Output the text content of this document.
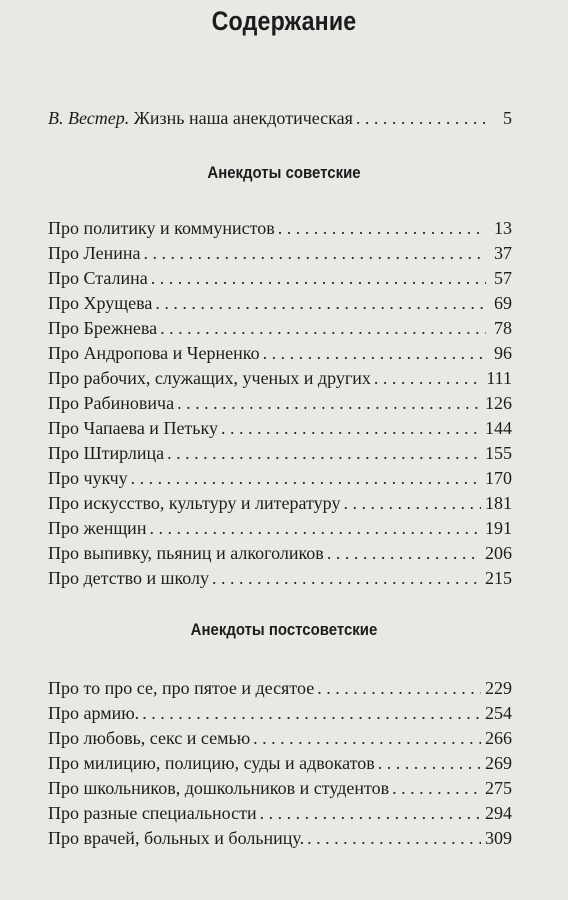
Содержание
В. Вестер. Жизнь наша анекдотическая . . .	5
Анекдоты советские
Про политику и коммунистов . . .	13
Про Ленина . . .	37
Про Сталина . . .	57
Про Хрущева . . .	69
Про Брежнева . . .	78
Про Андропова и Черненко . . .	96
Про рабочих, служащих, ученых и других . . .	111
Про Рабиновича . . .	126
Про Чапаева и Петьку . . .	144
Про Штирлица . . .	155
Про чукчу . . .	170
Про искусство, культуру и литературу . . .	181
Про женщин . . .	191
Про выпивку, пьяниц и алкоголиков . . .	206
Про детство и школу . . .	215
Анекдоты постсоветские
Про то про се, про пятое и десятое . . .	229
Про армию. . . .	254
Про любовь, секс и семью . . .	266
Про милицию, полицию, суды и адвокатов . . .	269
Про школьников, дошкольников и студентов . . .	275
Про разные специальности . . .	294
Про врачей, больных и больницу. . . .	309
